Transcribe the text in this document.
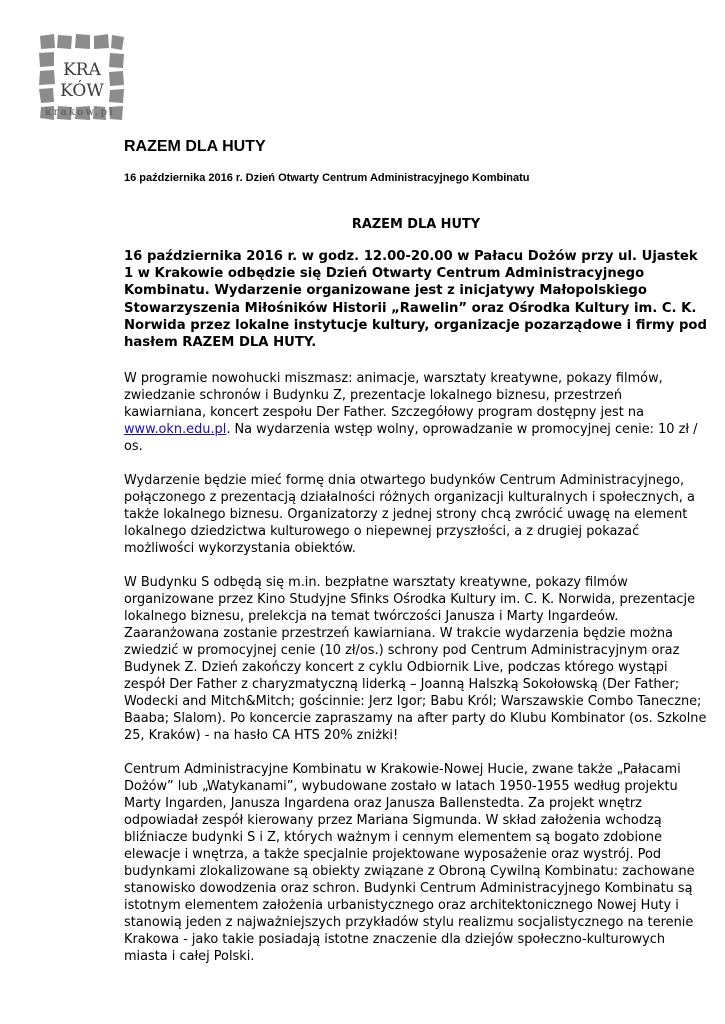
KRA
KÓW
krakow.pl
RAZEM DLA HUTY
16 października 2016 r. Dzień Otwarty Centrum Administracyjnego Kombinatu

RAZEM DLA HUTY

16 października 2016 r. w godz. 12.00-20.00 w Pałacu Dożów przy ul. Ujastek 1 w Krakowie odbędzie się Dzień Otwarty Centrum Administracyjnego Kombinatu. Wydarzenie organizowane jest z inicjatywy Małopolskiego Stowarzyszenia Miłośników Historii „Rawelin” oraz Ośrodka Kultury im. C. K. Norwida przez lokalne instytucje kultury, organizacje pozarządowe i firmy pod hasłem RAZEM DLA HUTY.

W programie nowohucki miszmasz: animacje, warsztaty kreatywne, pokazy filmów, zwiedzanie schronów i Budynku Z, prezentacje lokalnego biznesu, przestrzeń kawiarniana, koncert zespołu Der Father. Szczegółowy program dostępny jest na www.okn.edu.pl. Na wydarzenia wstęp wolny, oprowadzanie w promocyjnej cenie: 10 zł / os.

Wydarzenie będzie mieć formę dnia otwartego budynków Centrum Administracyjnego, połączonego z prezentacją działalności różnych organizacji kulturalnych i społecznych, a także lokalnego biznesu. Organizatorzy z jednej strony chcą zwrócić uwagę na element lokalnego dziedzictwa kulturowego o niepewnej przyszłości, a z drugiej pokazać możliwości wykorzystania obiektów.

W Budynku S odbędą się m.in. bezpłatne warsztaty kreatywne, pokazy filmów organizowane przez Kino Studyjne Sfinks Ośrodka Kultury im. C. K. Norwida, prezentacje lokalnego biznesu, prelekcja na temat twórczości Janusza i Marty Ingardeów. Zaaranżowana zostanie przestrzeń kawiarniana. W trakcie wydarzenia będzie można zwiedzić w promocyjnej cenie (10 zł/os.) schrony pod Centrum Administracyjnym oraz Budynek Z. Dzień zakończy koncert z cyklu Odbiornik Live, podczas którego wystąpi zespół Der Father z charyzmatyczną liderką – Joanną Halszką Sokołowską (Der Father; Wodecki and Mitch&Mitch; gościnnie: Jerz Igor; Babu Król; Warszawskie Combo Taneczne; Baaba; Slalom). Po koncercie zapraszamy na after party do Klubu Kombinator (os. Szkolne 25, Kraków) - na hasło CA HTS 20% zniżki!

Centrum Administracyjne Kombinatu w Krakowie-Nowej Hucie, zwane także „Pałacami Dożów” lub „Watykanami”, wybudowane zostało w latach 1950-1955 według projektu Marty Ingarden, Janusza Ingardena oraz Janusza Ballenstedta. Za projekt wnętrz odpowiadał zespół kierowany przez Mariana Sigmunda. W skład założenia wchodzą bliźniacze budynki S i Z, których ważnym i cennym elementem są bogato zdobione elewacje i wnętrza, a także specjalnie projektowane wyposażenie oraz wystrój. Pod budynkami zlokalizowane są obiekty związane z Obroną Cywilną Kombinatu: zachowane stanowisko dowodzenia oraz schron. Budynki Centrum Administracyjnego Kombinatu są istotnym elementem założenia urbanistycznego oraz architektonicznego Nowej Huty i stanowią jeden z najważniejszych przykładów stylu realizmu socjalistycznego na terenie Krakowa - jako takie posiadają istotne znaczenie dla dziejów społeczno-kulturowych miasta i całej Polski.
